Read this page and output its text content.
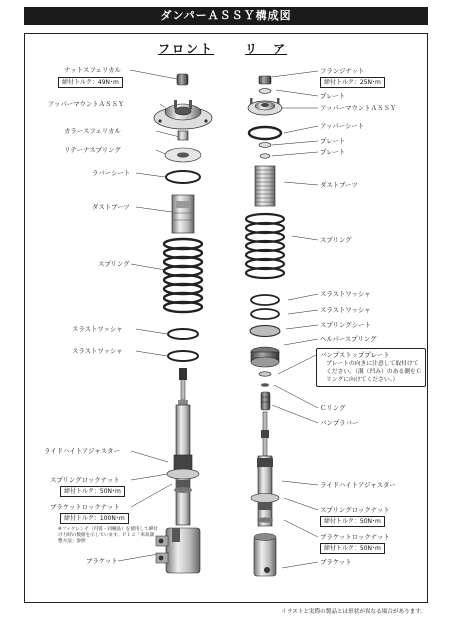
ダンパーＡＳＳＹ構成図
フロント	リ　ア
ナットスフェリカル
締付トルク：49N･m
アッパーマウントＡＳＳＹ
カラースフェリカル
リテーナスプリング
ラバーシート
ダストブーツ
スプリング
スラストワッシャ
スラストワッシャ
ライドハイトアジャスター
スプリングロックナット
締付トルク：50N･m
ブラケットロックナット
締付トルク：100N･m
※フックレンチ（円弧・同梱品）を使用して締付け力時の数値を示しています。Ｐ１２「車高調整方法」参照
ブラケット
フランジナット
締付トルク：25N･m
プレート
アッパーマウントＡＳＳＹ
アッパーシート
プレート
プレート
ダストブーツ
スプリング
スラストワッシャ
スラストワッシャ
スプリングシート
ヘルパースプリング
バンプストッププレート
プレートの向きに注意して取付けてください。（溝（凹み）のある側をＣリングに向けてください。）
Ｃリング
バンプラバー
ライドハイトアジャスター
スプリングロックナット
締付トルク：50N･m
ブラケットロックナット
締付トルク：50N･m
ブラケット
イラストと実際の製品とは形状が異なる場合があります。
